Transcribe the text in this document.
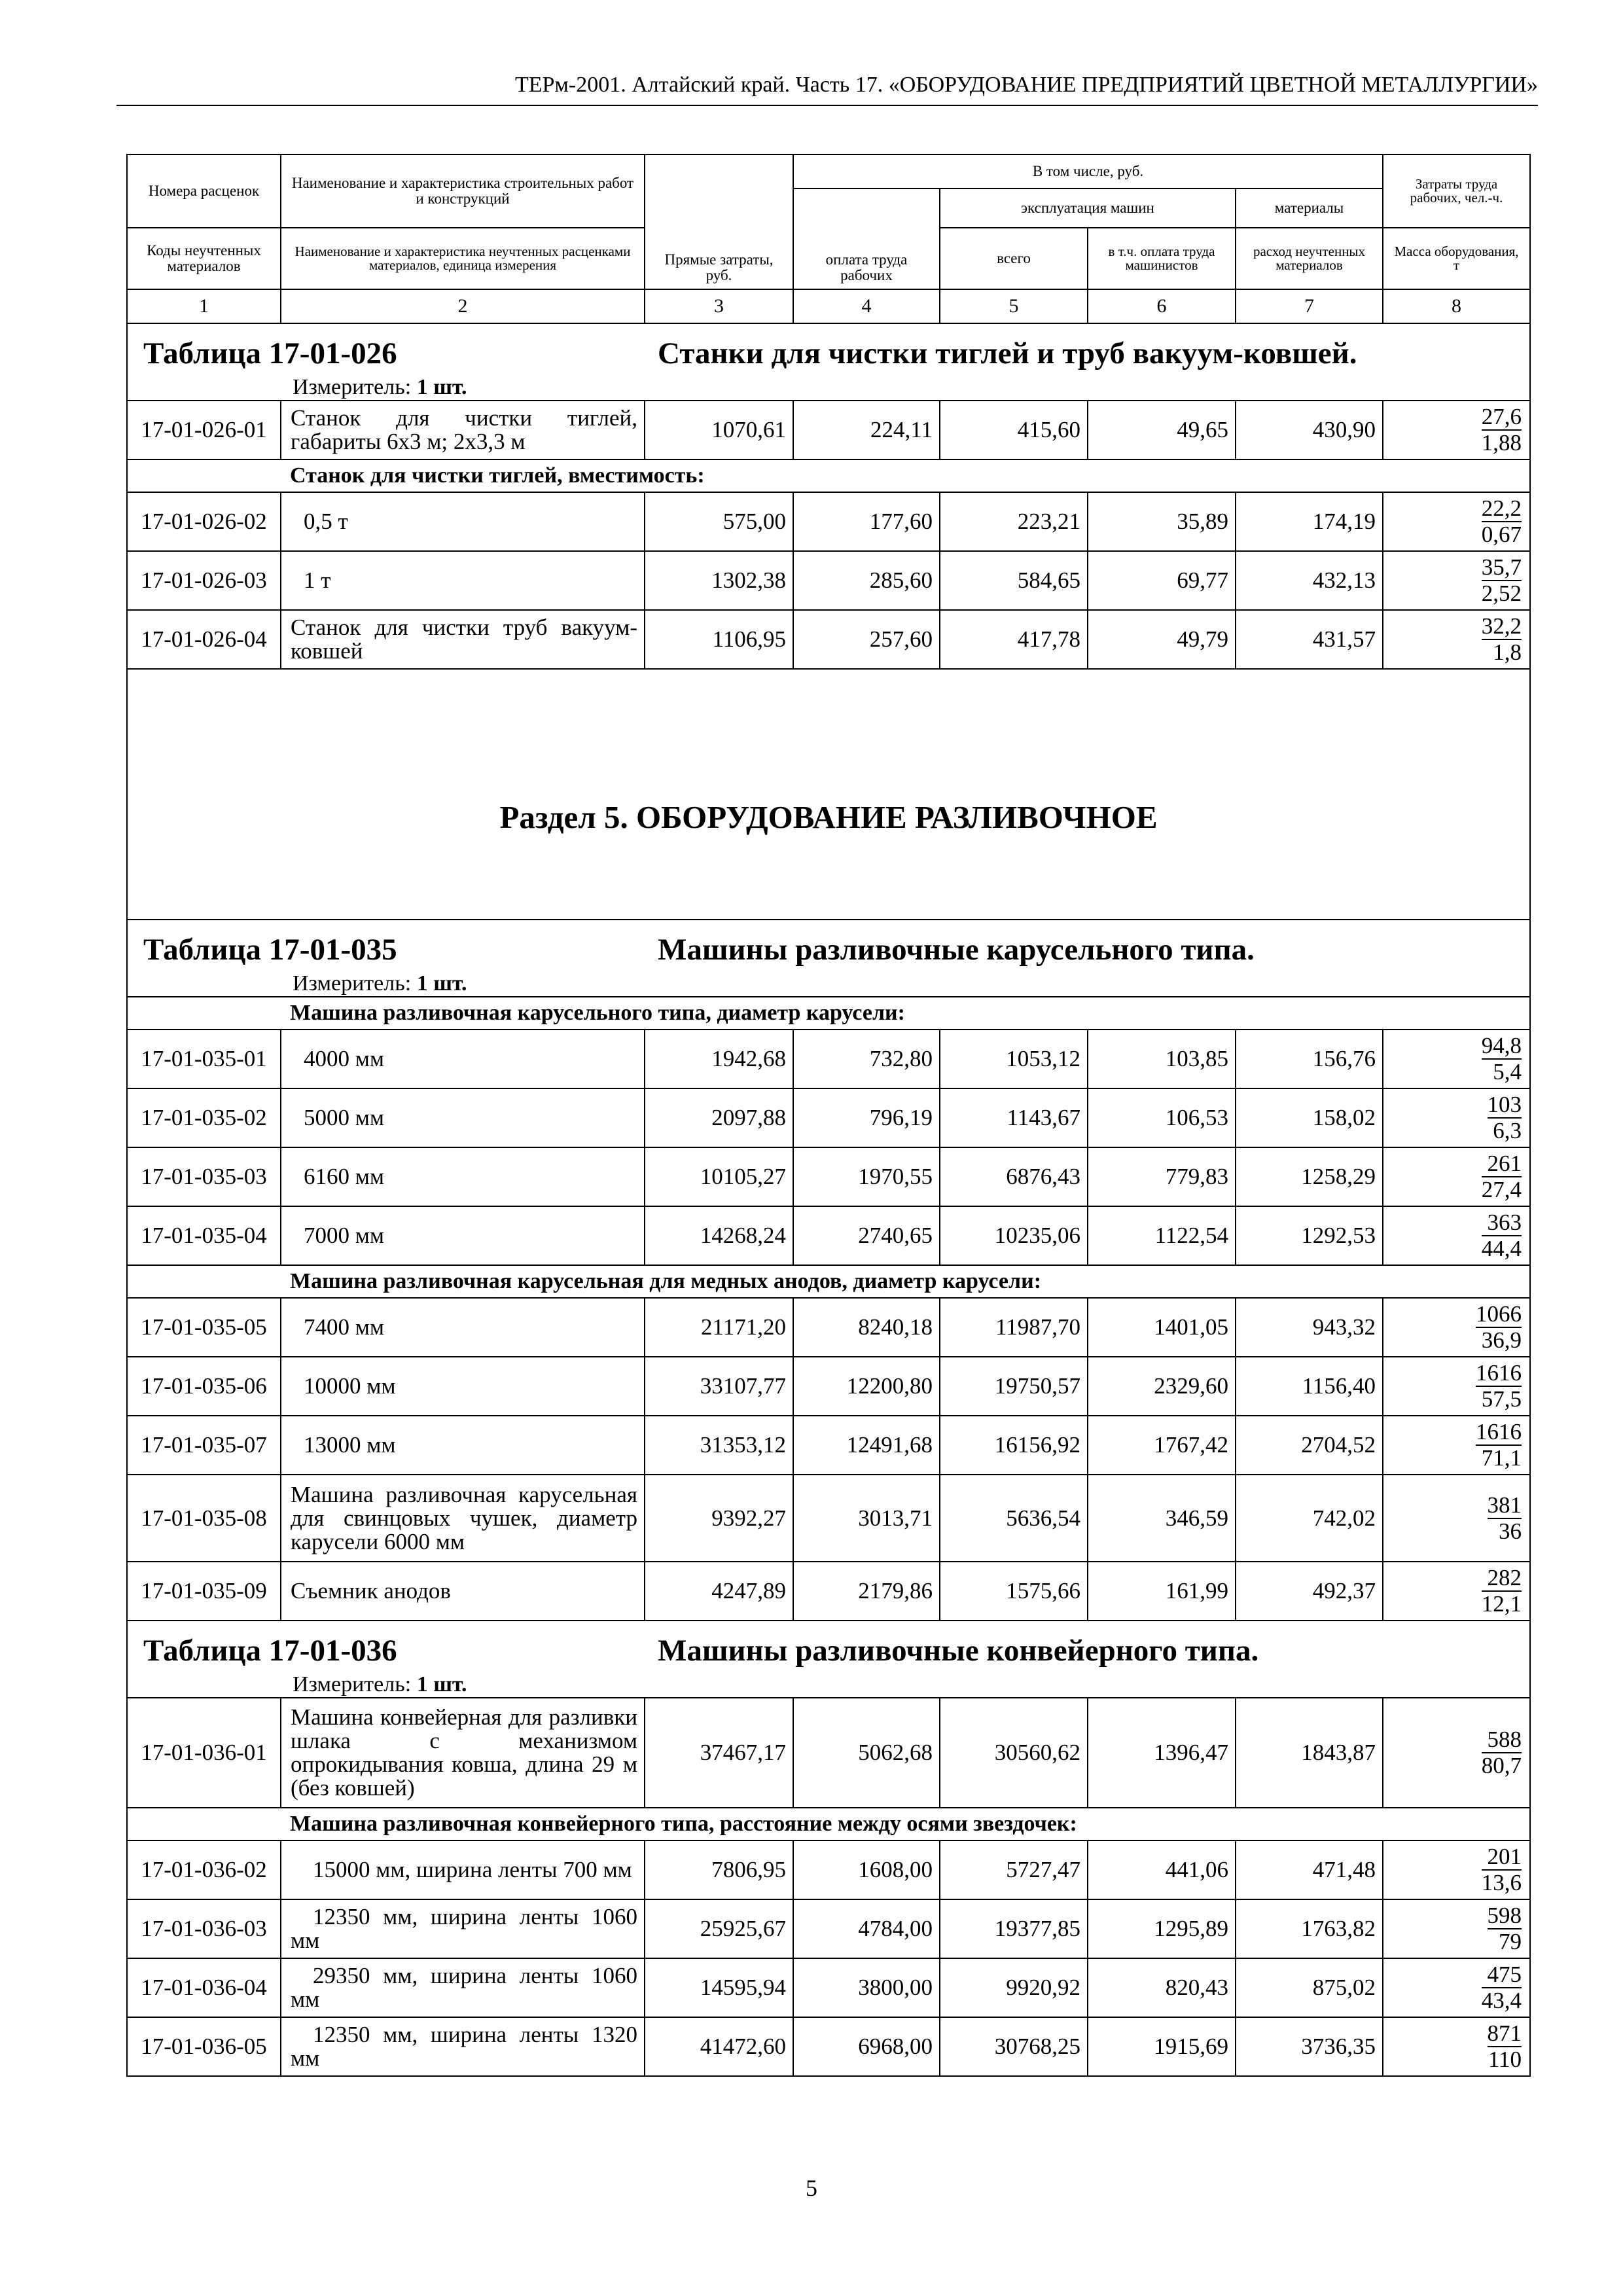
ТЕРм-2001. Алтайский край. Часть 17. «ОБОРУДОВАНИЕ ПРЕДПРИЯТИЙ ЦВЕТНОЙ МЕТАЛЛУРГИИ»
Номера расценок	Наименование и характеристика строительных работ и конструкций	Прямые затраты, руб.	В том числе, руб.				Затраты труда рабочих, чел.-ч.
			оплата труда рабочих	эксплуатация машин		материалы	
Коды неучтенных материалов	Наименование и характеристика неучтенных расценками материалов, единица измерения			всего	в т.ч. оплата труда машинистов	расход неучтенных материалов	Масса оборудования, т
1	2	3	4	5	6	7	8

Таблица 17-01-026 Станки для чистки тиглей и труб вакуум-ковшей.
Измеритель: 1 шт.							

17-01-026-01	Станок для чистки тиглей, габариты 6х3 м; 2х3,3 м	1070,61	224,11	415,60	49,65	430,90	$\frac{27,6}{1,88}$

	Станок для чистки тиглей, вместимость:						
17-01-026-02	0,5 т	575,00	177,60	223,21	35,89	174,19	$\frac{22,2}{0,67}$

17-01-026-03	1 т	1302,38	285,60	584,65	69,77	432,13	$\frac{35,7}{2,52}$

17-01-026-04	Станок для чистки труб вакуум-ковшей	1106,95	257,60	417,78	49,79	431,57	$\frac{32,2}{1,8}$

Раздел 5. ОБОРУДОВАНИЕ РАЗЛИВОЧНОЕ							

Таблица 17-01-035 Машины разливочные карусельного типа.
Измеритель: 1 шт.							

	Машина разливочная карусельного типа, диаметр карусели:						
17-01-035-01	4000 мм	1942,68	732,80	1053,12	103,85	156,76	$\frac{94,8}{5,4}$

17-01-035-02	5000 мм	2097,88	796,19	1143,67	106,53	158,02	$\frac{103}{6,3}$

17-01-035-03	6160 мм	10105,27	1970,55	6876,43	779,83	1258,29	$\frac{261}{27,4}$

17-01-035-04	7000 мм	14268,24	2740,65	10235,06	1122,54	1292,53	$\frac{363}{44,4}$

	Машина разливочная карусельная для медных анодов, диаметр карусели:						
17-01-035-05	7400 мм	21171,20	8240,18	11987,70	1401,05	943,32	$\frac{1066}{36,9}$

17-01-035-06	10000 мм	33107,77	12200,80	19750,57	2329,60	1156,40	$\frac{1616}{57,5}$

17-01-035-07	13000 мм	31353,12	12491,68	16156,92	1767,42	2704,52	$\frac{1616}{71,1}$

17-01-035-08	Машина разливочная карусельная для свинцовых чушек, диаметр карусели 6000 мм	9392,27	3013,71	5636,54	346,59	742,02	$\frac{381}{36}$

17-01-035-09	Съемник анодов	4247,89	2179,86	1575,66	161,99	492,37	$\frac{282}{12,1}$

Таблица 17-01-036 Машины разливочные конвейерного типа.
Измеритель: 1 шт.							

17-01-036-01	Машина конвейерная для разливки шлака с механизмом опрокидывания ковша, длина 29 м (без ковшей)	37467,17	5062,68	30560,62	1396,47	1843,87	$\frac{588}{80,7}$

	Машина разливочная конвейерного типа, расстояние между осями звездочек:						
17-01-036-02	15000 мм, ширина ленты 700 мм	7806,95	1608,00	5727,47	441,06	471,48	$\frac{201}{13,6}$

17-01-036-03	12350 мм, ширина ленты 1060 мм	25925,67	4784,00	19377,85	1295,89	1763,82	$\frac{598}{79}$

17-01-036-04	29350 мм, ширина ленты 1060 мм	14595,94	3800,00	9920,92	820,43	875,02	$\frac{475}{43,4}$

17-01-036-05	12350 мм, ширина ленты 1320 мм	41472,60	6968,00	30768,25	1915,69	3736,35	$\frac{871}{110}$
5
